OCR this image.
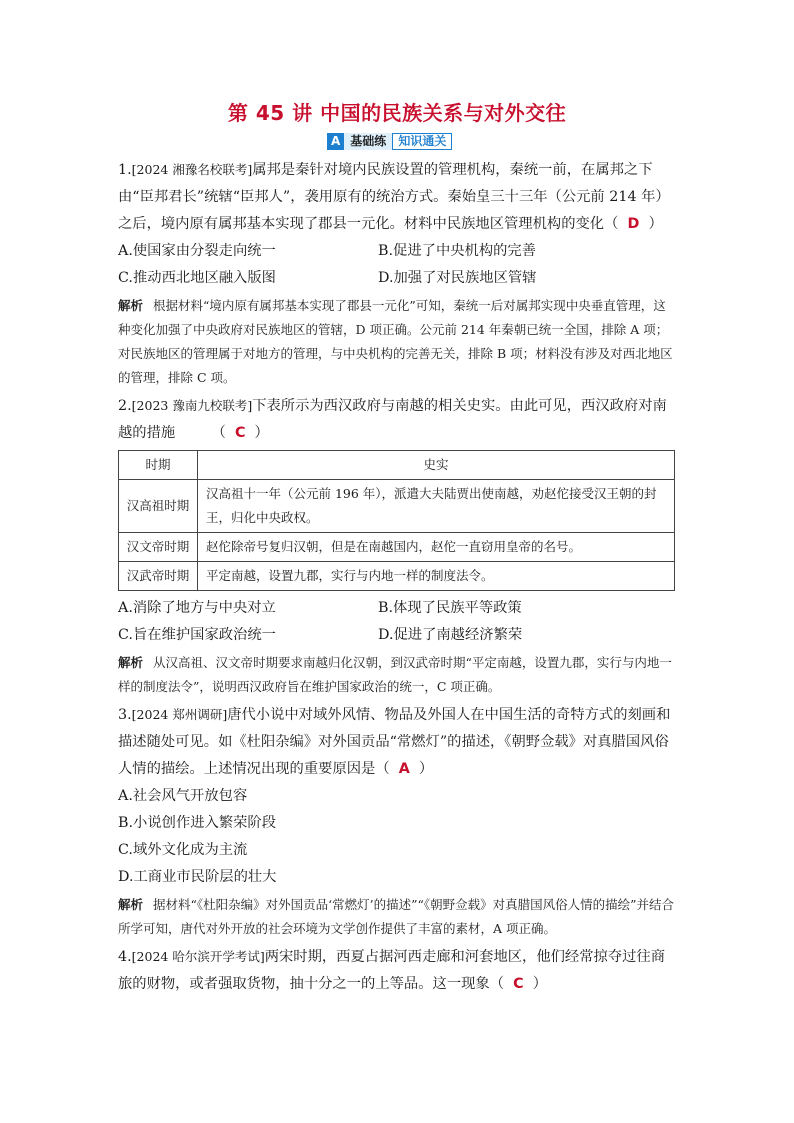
第 45 讲 中国的民族关系与对外交往
A 基础练	知识通关

1.[2024 湘豫名校联考]属邦是秦针对境内民族设置的管理机构，秦统一前，在属邦之下由“臣邦君长”统辖“臣邦人”，袭用原有的统治方式。秦始皇三十三年（公元前 214 年）之后，境内原有属邦基本实现了郡县一元化。材料中民族地区管理机构的变化（ D ）

A.使国家由分裂走向统一	B.促进了中央机构的完善

C.推动西北地区融入版图	D.加强了对民族地区管辖

解析 根据材料“境内原有属邦基本实现了郡县一元化”可知，秦统一后对属邦实现中央垂直管理，这种变化加强了中央政府对民族地区的管辖，D 项正确。公元前 214 年秦朝已统一全国，排除 A 项；对民族地区的管理属于对地方的管理，与中央机构的完善无关，排除 B 项；材料没有涉及对西北地区的管理，排除 C 项。

2.[2023 豫南九校联考]下表所示为西汉政府与南越的相关史实。由此可见，西汉政府对南越的措施	（ C ）

时期	史实
汉高祖时期	汉高祖十一年（公元前 196 年），派遣大夫陆贾出使南越，劝赵佗接受汉王朝的封王，归化中央政权。
汉文帝时期	赵佗除帝号复归汉朝，但是在南越国内，赵佗一直窃用皇帝的名号。
汉武帝时期	平定南越，设置九郡，实行与内地一样的制度法令。

A.消除了地方与中央对立	B.体现了民族平等政策

C.旨在维护国家政治统一	D.促进了南越经济繁荣

解析 从汉高祖、汉文帝时期要求南越归化汉朝，到汉武帝时期“平定南越，设置九郡，实行与内地一样的制度法令”，说明西汉政府旨在维护国家政治的统一，C 项正确。

3.[2024 郑州调研]唐代小说中对域外风情、物品及外国人在中国生活的奇特方式的刻画和描述随处可见。如《杜阳杂编》对外国贡品“常燃灯”的描述，《朝野佥载》对真腊国风俗人情的描绘。上述情况出现的重要原因是（ A ）

A.社会风气开放包容

B.小说创作进入繁荣阶段

C.域外文化成为主流

D.工商业市民阶层的壮大

解析 据材料“《杜阳杂编》对外国贡品‘常燃灯’的描述”“《朝野佥载》对真腊国风俗人情的描绘”并结合所学可知，唐代对外开放的社会环境为文学创作提供了丰富的素材，A 项正确。

4.[2024 哈尔滨开学考试]两宋时期，西夏占据河西走廊和河套地区，他们经常掠夺过往商旅的财物，或者强取货物，抽十分之一的上等品。这一现象（ C ）
